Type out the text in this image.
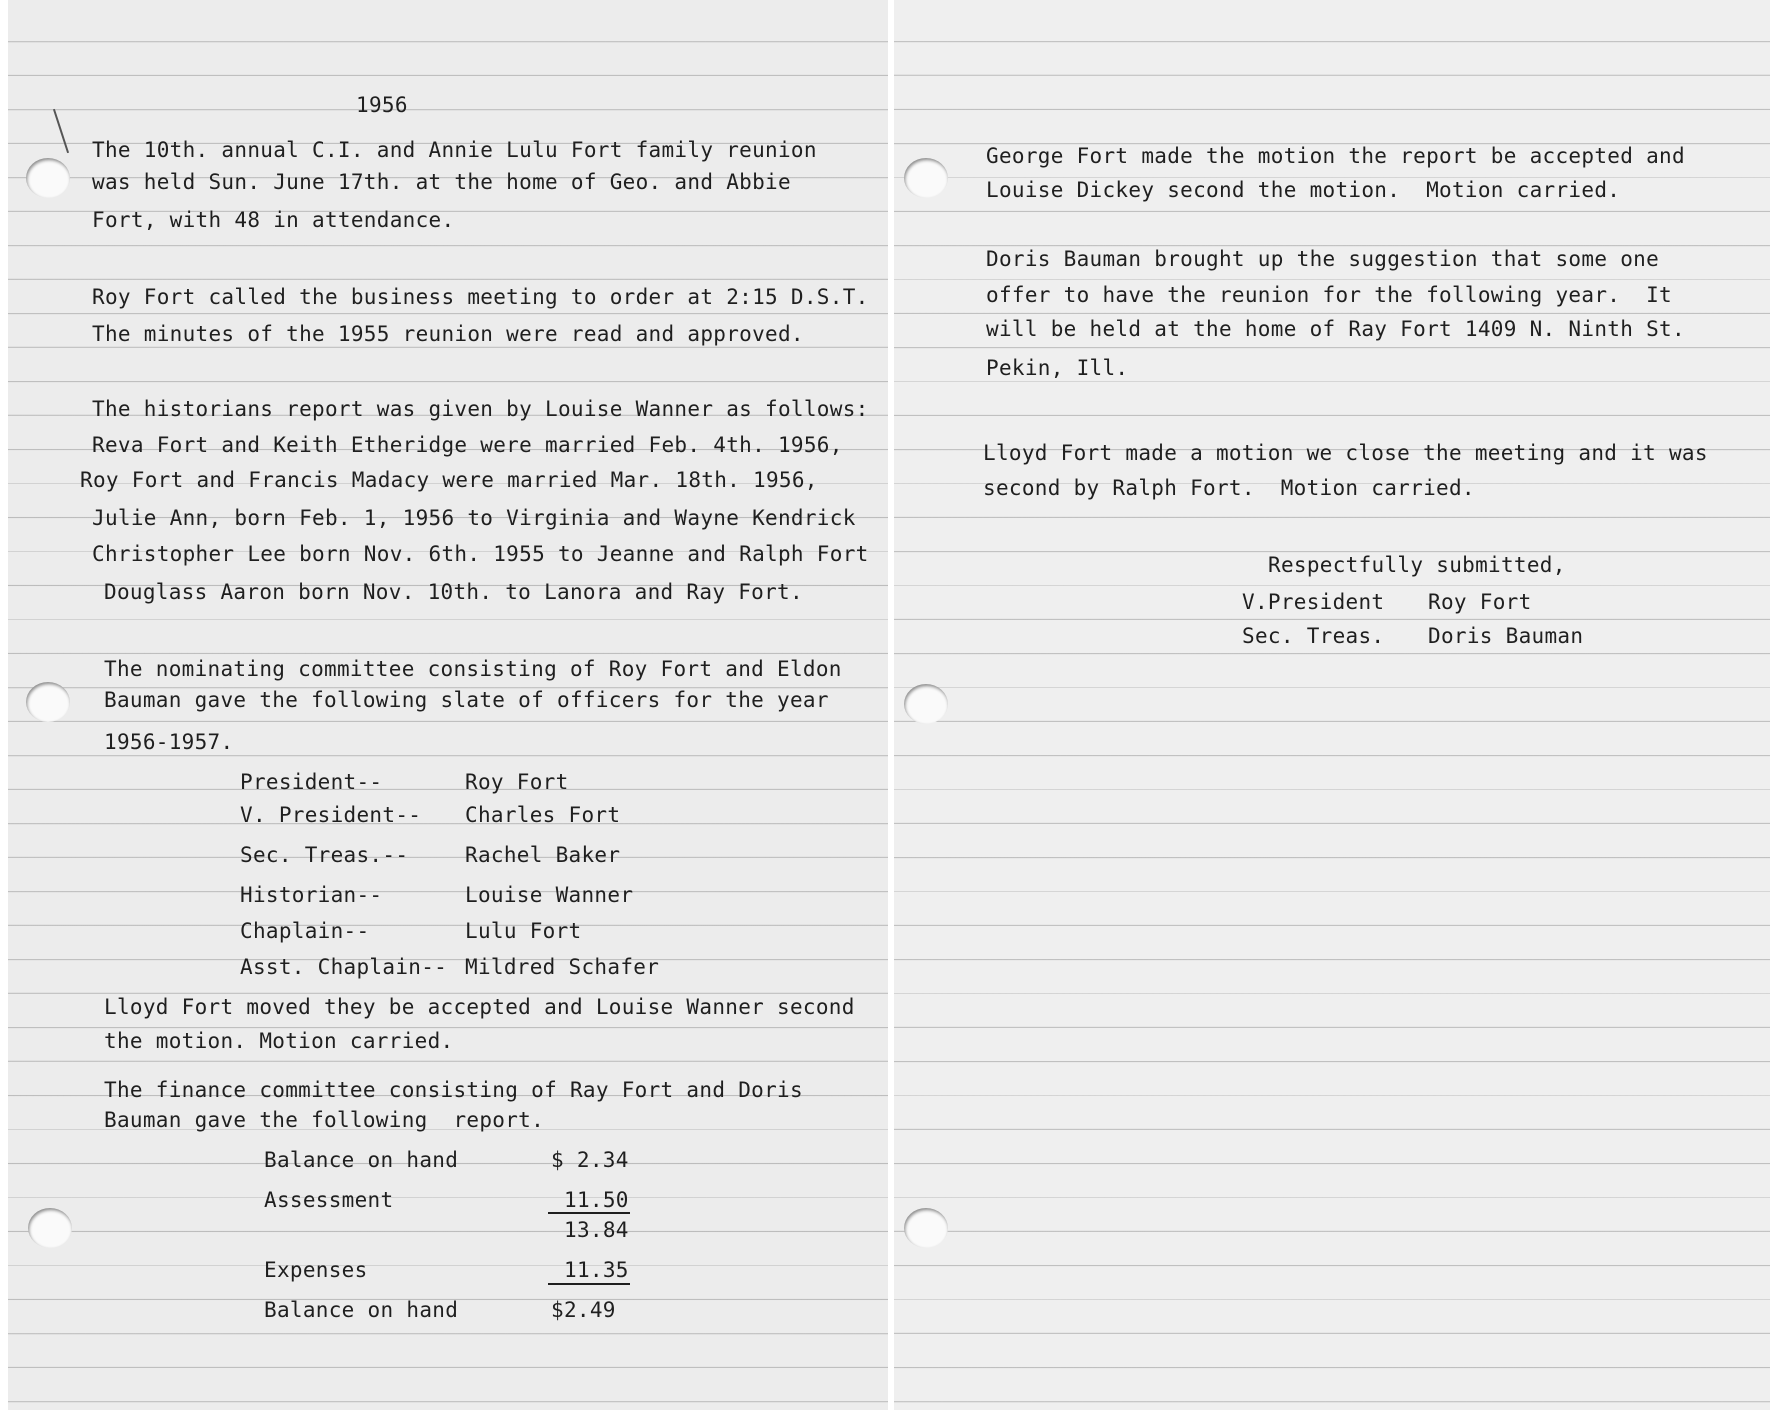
1956
The 10th. annual C.I. and Annie Lulu Fort family reunion
was held Sun. June 17th. at the home of Geo. and Abbie
Fort, with 48 in attendance.
Roy Fort called the business meeting to order at 2:15 D.S.T.
The minutes of the 1955 reunion were read and approved.
The historians report was given by Louise Wanner as follows:
Reva Fort and Keith Etheridge were married Feb. 4th. 1956,
Roy Fort and Francis Madacy were married Mar. 18th. 1956,
Julie Ann, born Feb. 1, 1956 to Virginia and Wayne Kendrick
Christopher Lee born Nov. 6th. 1955 to Jeanne and Ralph Fort
Douglass Aaron born Nov. 10th. to Lanora and Ray Fort.
The nominating committee consisting of Roy Fort and Eldon
Bauman gave the following slate of officers for the year
1956-1957.
President--	Roy Fort
V. President-- Charles Fort
Sec. Treas.--	Rachel Baker
Historian--	Louise Wanner
Chaplain--	Lulu Fort
Asst. Chaplain-- Mildred Schafer
Lloyd Fort moved they be accepted and Louise Wanner second
the motion. Motion carried.
The finance committee consisting of Ray Fort and Doris
Bauman gave the following  report.
Balance on hand	$ 2.34
Assessment	11.50
13.84
Expenses	11.35
Balance on hand	$2.49
George Fort made the motion the report be accepted and
Louise Dickey second the motion.  Motion carried.
Doris Bauman brought up the suggestion that some one
offer to have the reunion for the following year.  It
will be held at the home of Ray Fort 1409 N. Ninth St.
Pekin, Ill.
Lloyd Fort made a motion we close the meeting and it was
second by Ralph Fort.  Motion carried.
Respectfully submitted,
V.President Roy Fort
Sec. Treas. Doris Bauman
